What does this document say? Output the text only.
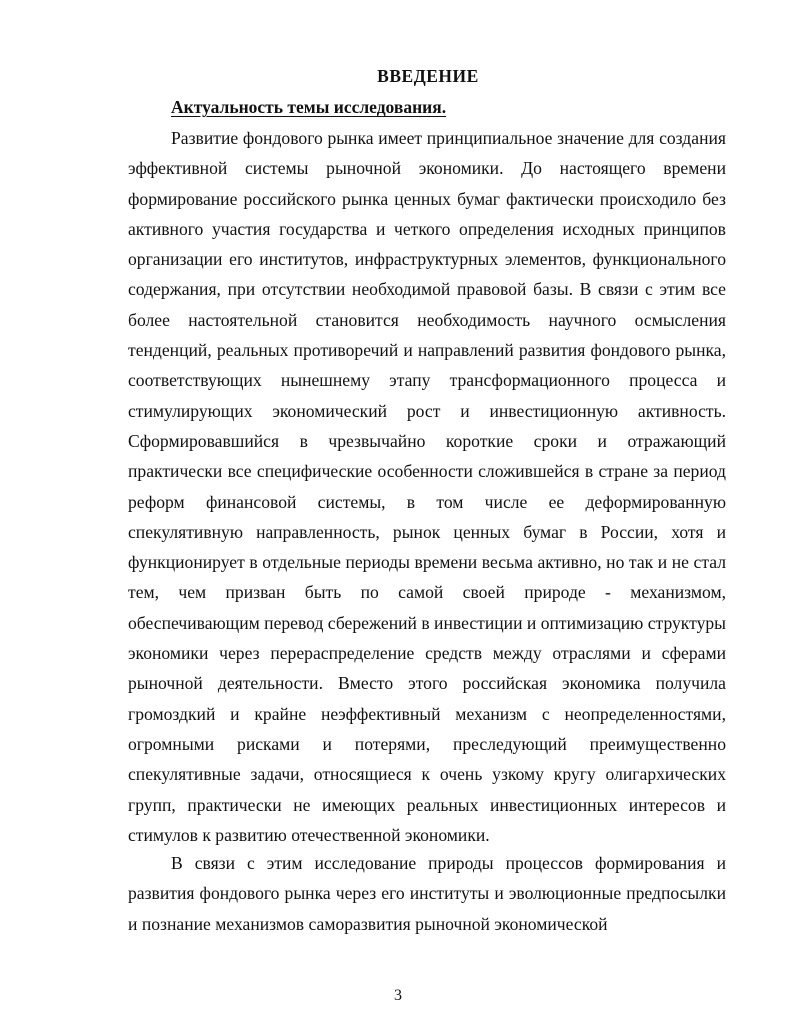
ВВЕДЕНИЕ
Актуальность темы исследования.

Развитие фондового рынка имеет принципиальное значение для создания эффективной системы рыночной экономики. До настоящего времени формирование российского рынка ценных бумаг фактически происходило без активного участия государства и четкого определения исходных принципов организации его институтов, инфраструктурных элементов, функционального содержания, при отсутствии необходимой правовой базы. В связи с этим все более настоятельной становится необходимость научного осмысления тенденций, реальных противоречий и направлений развития фондового рынка, соответствующих нынешнему этапу трансформационного процесса и стимулирующих экономический рост и инвестиционную активность. Сформировавшийся в чрезвычайно короткие сроки и отражающий практически все специфические особенности сложившейся в стране за период реформ финансовой системы, в том числе ее деформированную спекулятивную направленность, рынок ценных бумаг в России, хотя и функционирует в отдельные периоды времени весьма активно, но так и не стал тем, чем призван быть по самой своей природе - механизмом, обеспечивающим перевод сбережений в инвестиции и оптимизацию структуры экономики через перераспределение средств между отраслями и сферами рыночной деятельности. Вместо этого российская экономика получила громоздкий и крайне неэффективный механизм с неопределенностями, огромными рисками и потерями, преследующий преимущественно спекулятивные задачи, относящиеся к очень узкому кругу олигархических групп, практически не имеющих реальных инвестиционных интересов и стимулов к развитию отечественной экономики.

В связи с этим исследование природы процессов формирования и развития фондового рынка через его институты и эволюционные предпосылки и познание механизмов саморазвития рыночной экономической

3
